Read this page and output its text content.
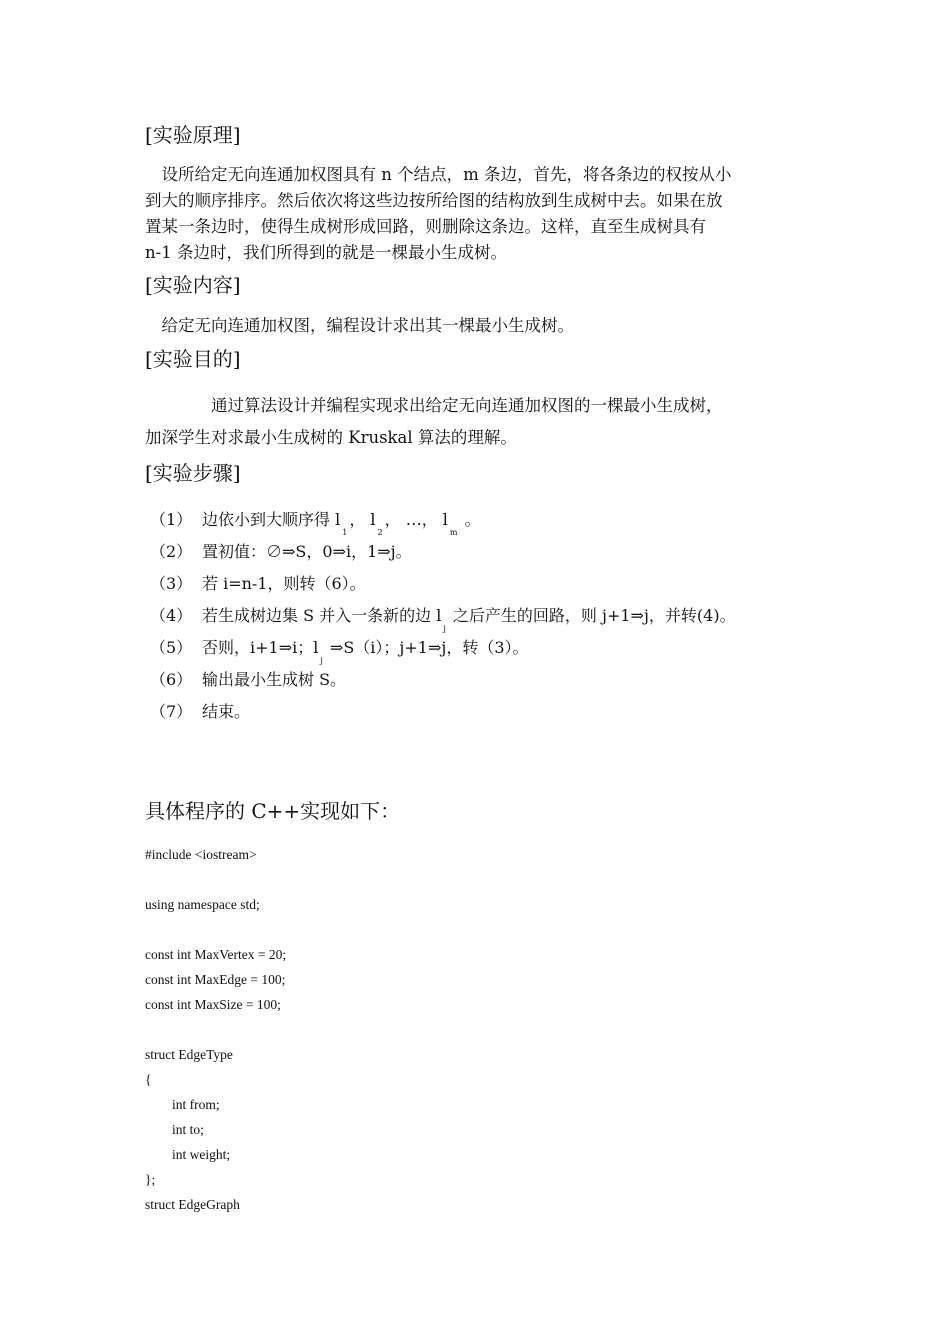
[实验原理]
　设所给定无向连通加权图具有 n 个结点，m 条边，首先，将各条边的权按从小
到大的顺序排序。然后依次将这些边按所给图的结构放到生成树中去。如果在放
置某一条边时，使得生成树形成回路，则删除这条边。这样，直至生成树具有
n-1 条边时，我们所得到的就是一棵最小生成树。
[实验内容]
　给定无向连通加权图，编程设计求出其一棵最小生成树。
[实验目的]
　　　　通过算法设计并编程实现求出给定无向连通加权图的一棵最小生成树，
加深学生对求最小生成树的 Kruskal 算法的理解。
[实验步骤]
（1） 边依小到大顺序得 $l_1$， $l_2$， …， $l_m$ 。
（2） 置初值：∅⇒S，0⇒i，1⇒j。
（3） 若 i=n-1，则转（6）。
（4） 若生成树边集 S 并入一条新的边 $l_j$ 之后产生的回路，则 j+1⇒j，并转(4)。
（5） 否则，i+1⇒i；$l_j$ ⇒S（i）；j+1⇒j，转（3）。
（6） 输出最小生成树 S。
（7） 结束。
具体程序的 C++实现如下：
#include <iostream>
using namespace std;
const int MaxVertex = 20;
const int MaxEdge = 100;
const int MaxSize = 100;
struct EdgeType
{
int from;
int to;
int weight;
};
struct EdgeGraph
